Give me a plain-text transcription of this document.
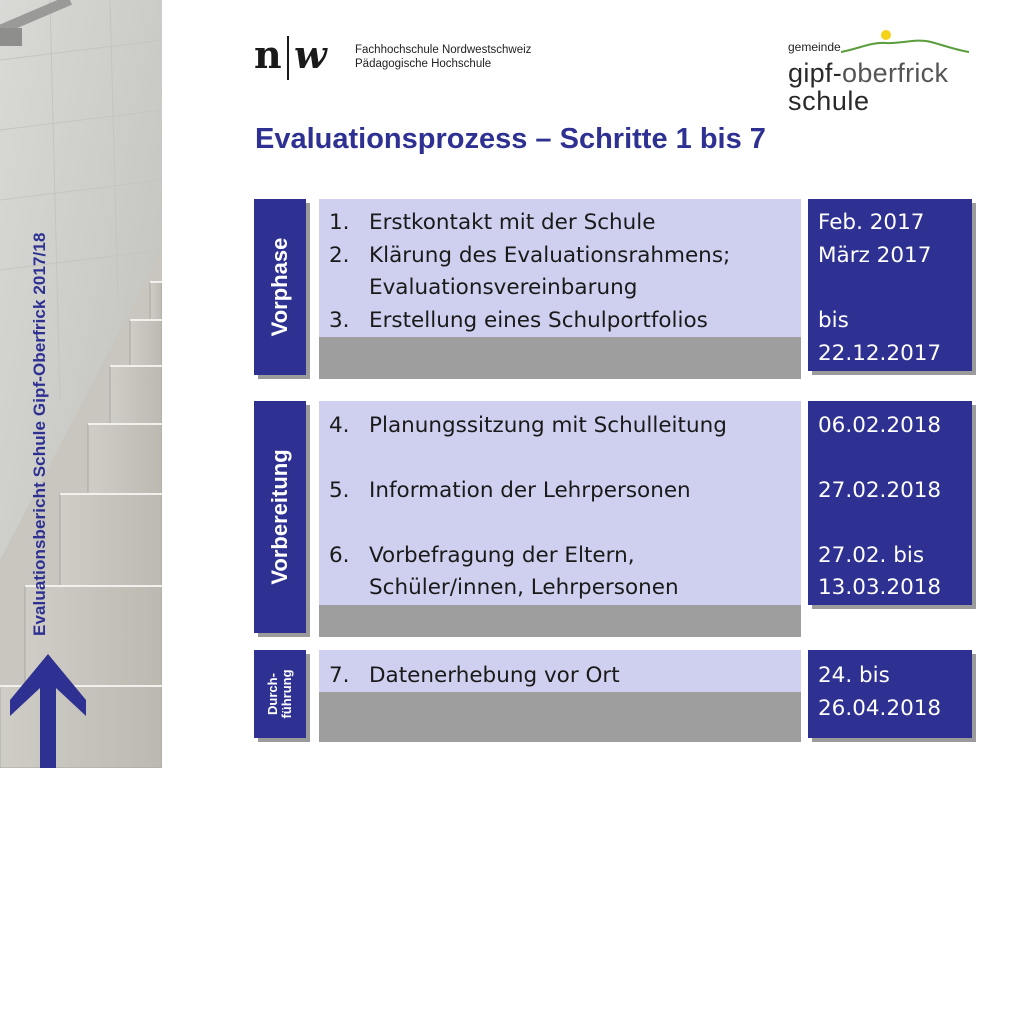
Evaluationsbericht Schule Gipf-Oberfrick 2017/18
n w Fachhochschule Nordwestschweiz
Pädagogische Hochschule
gemeinde
gipf-oberfrick
schule
Evaluationsprozess – Schritte 1 bis 7
Vorphase
1. Erstkontakt mit der Schule
2. Klärung des Evaluationsrahmens;
Evaluationsvereinbarung
3. Erstellung eines Schulportfolios
Feb. 2017
März 2017
bis
22.12.2017
Vorbereitung
4. Planungssitzung mit Schulleitung
5. Information der Lehrpersonen
6. Vorbefragung der Eltern,
Schüler/innen, Lehrpersonen
06.02.2018
27.02.2018
27.02. bis
13.03.2018
Durch- führung 7. Datenerhebung vor Ort	24. bis
26.04.2018
